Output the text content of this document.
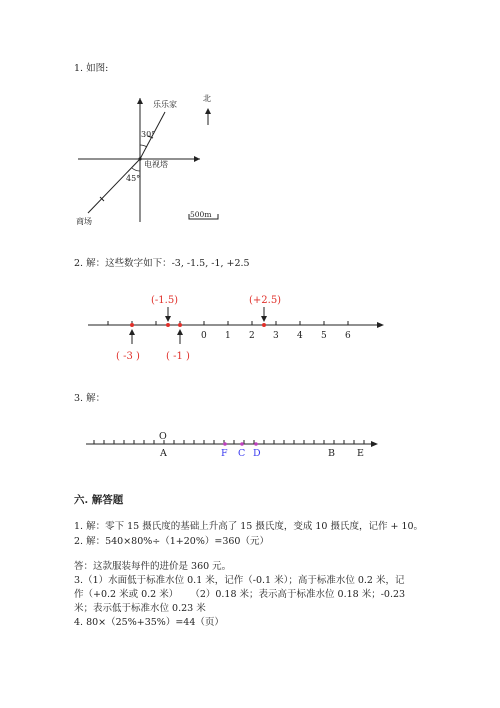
1. 如图:
乐乐家
北
30°
电视塔
45°
500m
商场
2. 解：这些数字如下：-3, -1.5, -1, +2.5
(-1.5)	(+2.5)
( -3 )	( -1 )
0 1 2 3 4 5 6
3. 解：
O
A	F C D	B E
六. 解答题
1. 解：零下 15 摄氏度的基础上升高了 15 摄氏度，变成 10 摄氏度，记作 + 10。
2. 解：540×80%÷（1+20%）=360（元）
答：这款服装每件的进价是 360 元。
3.（1）水面低于标准水位 0.1 米，记作（-0.1 米）；高于标准水位 0.2 米，记
作（+0.2 米或 0.2 米）    （2）0.18 米；表示高于标准水位 0.18 米；-0.23
米；表示低于标准水位 0.23 米
4. 80×（25%+35%）=44（页）
